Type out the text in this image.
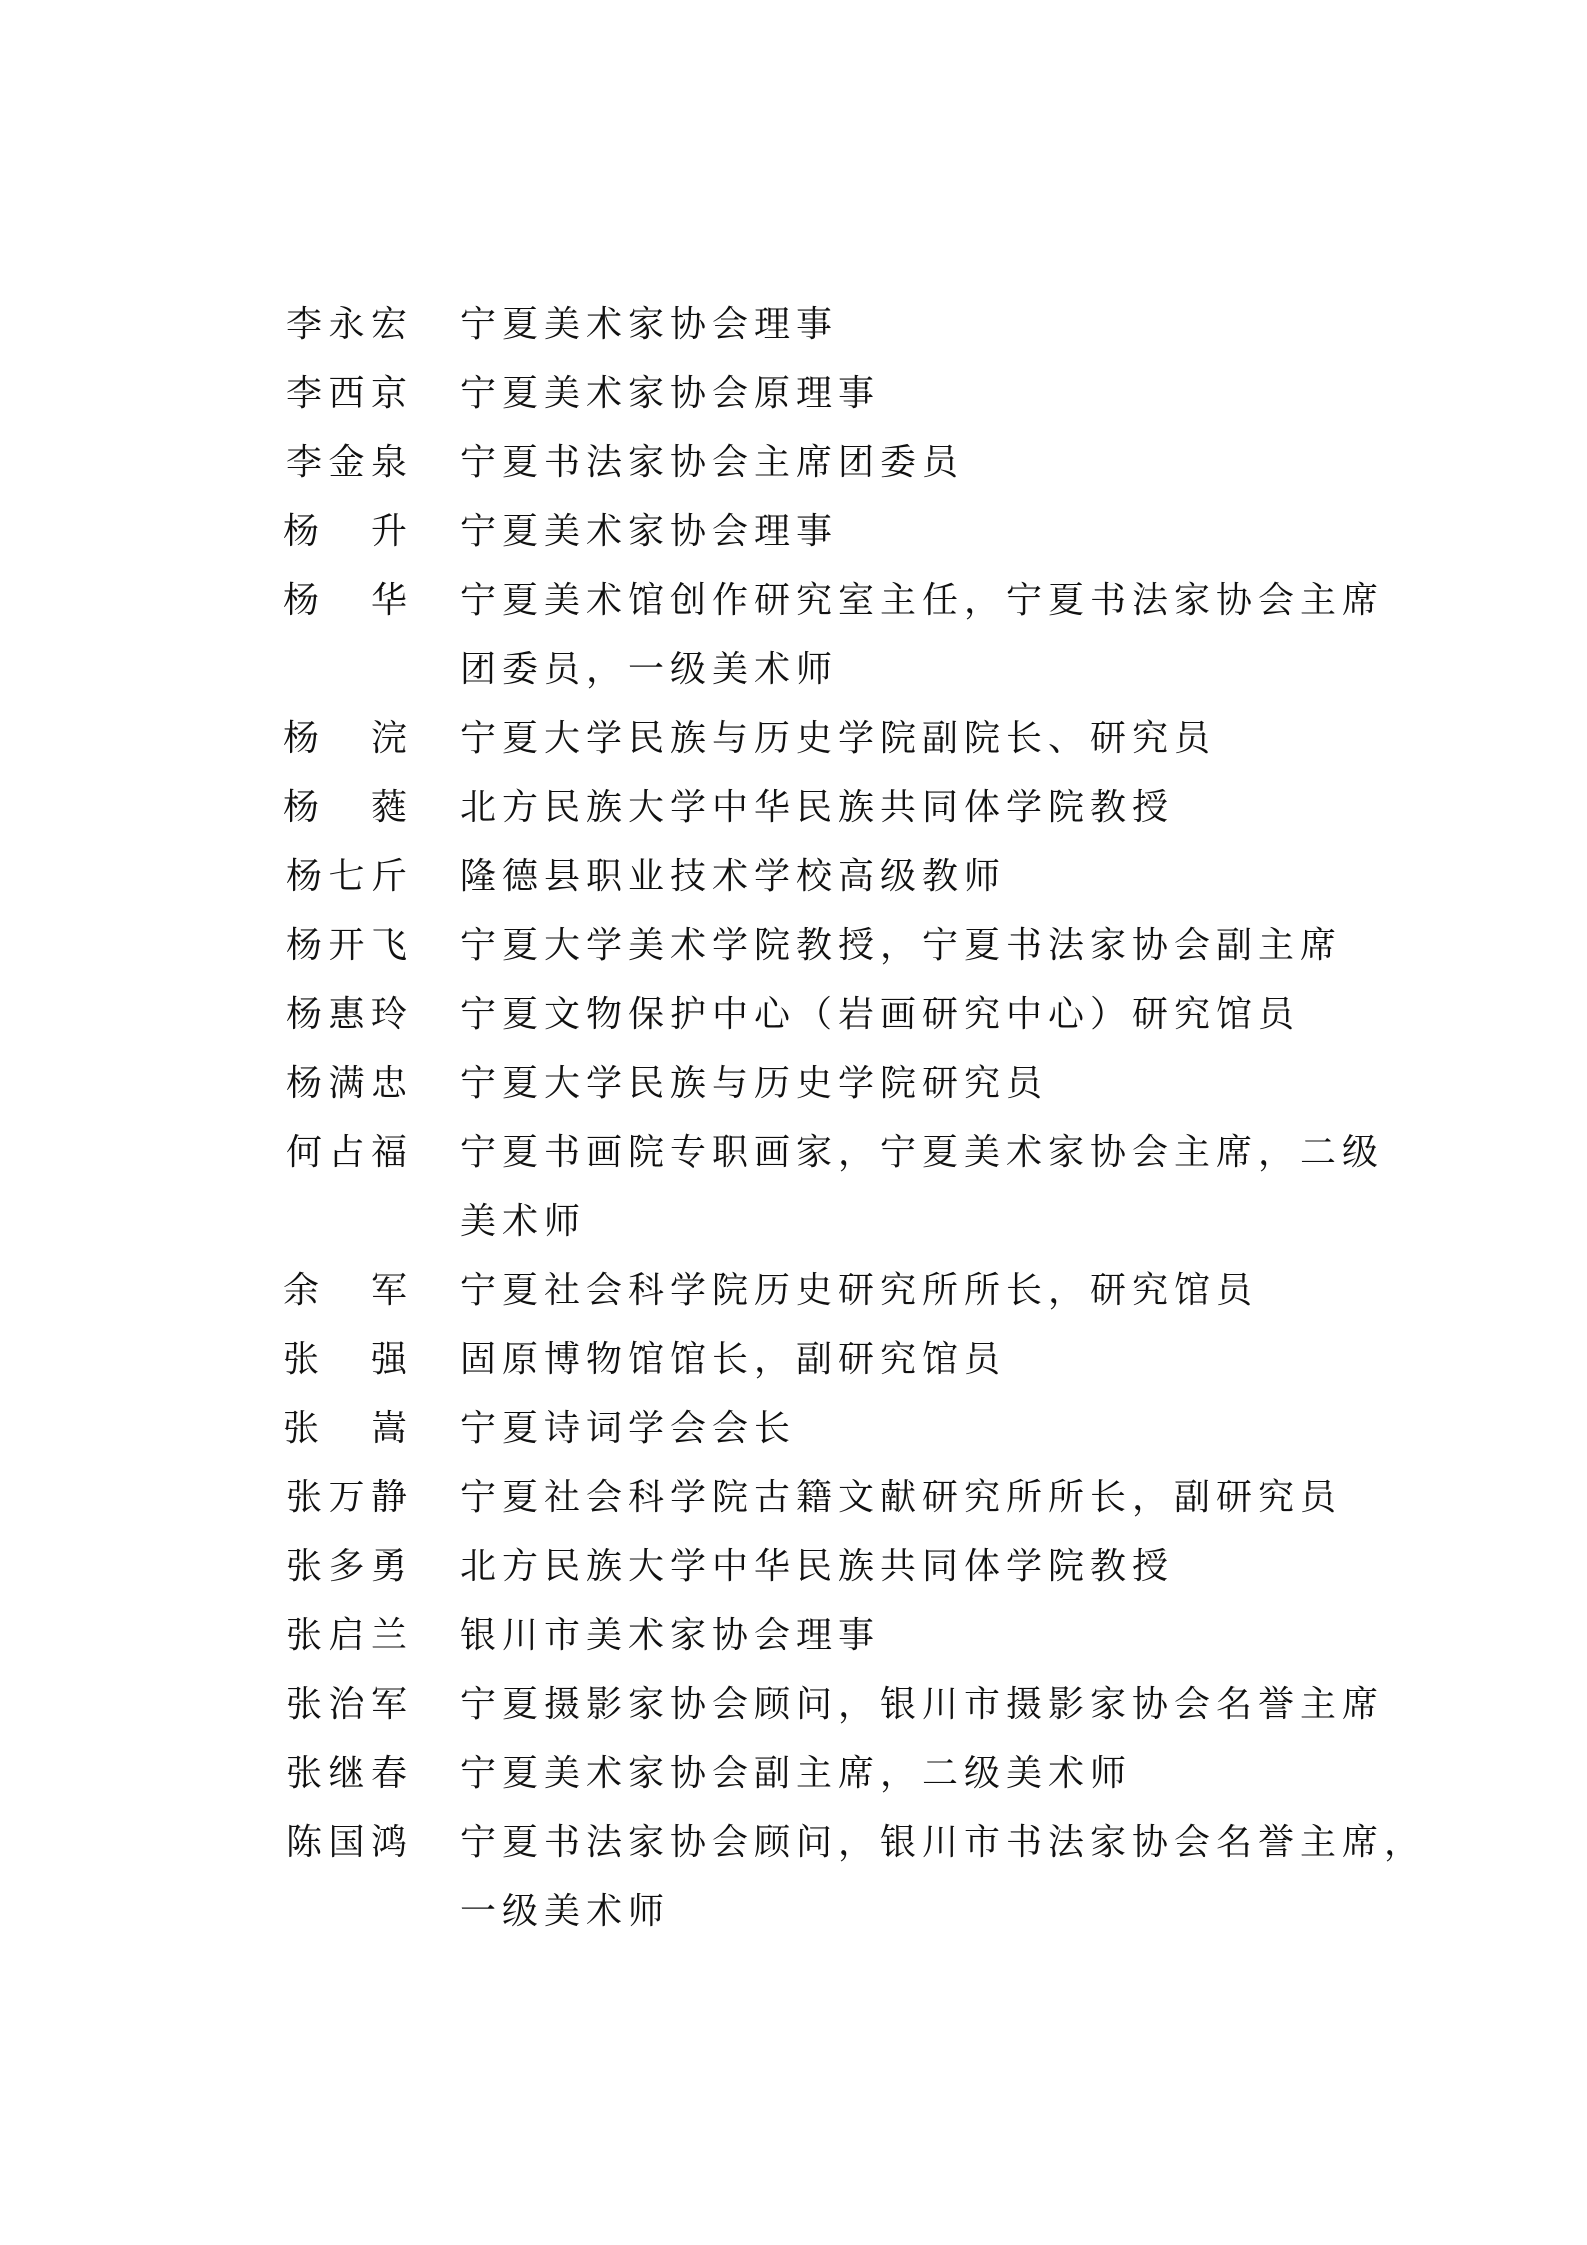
李 永 宏 宁夏美术家协会理事
李 西 京 宁夏美术家协会原理事
李 金 泉 宁夏书法家协会主席团委员
杨 升 宁夏美术家协会理事
杨 华 宁夏美术馆创作研究室主任，宁夏书法家协会主席
团委员，一级美术师
杨 浣 宁夏大学民族与历史学院副院长、研究员
杨 蕤 北方民族大学中华民族共同体学院教授
杨 七 斤 隆德县职业技术学校高级教师
杨 开 飞 宁夏大学美术学院教授，宁夏书法家协会副主席
杨 惠 玲 宁夏文物保护中心（岩画研究中心）研究馆员
杨 满 忠 宁夏大学民族与历史学院研究员
何 占 福 宁夏书画院专职画家，宁夏美术家协会主席，二级
美术师
余 军 宁夏社会科学院历史研究所所长，研究馆员
张 强 固原博物馆馆长，副研究馆员
张 嵩 宁夏诗词学会会长
张 万 静 宁夏社会科学院古籍文献研究所所长，副研究员
张 多 勇 北方民族大学中华民族共同体学院教授
张 启 兰 银川市美术家协会理事
张 治 军 宁夏摄影家协会顾问，银川市摄影家协会名誉主席
张 继 春 宁夏美术家协会副主席，二级美术师
陈 国 鸿 宁夏书法家协会顾问，银川市书法家协会名誉主席，
一级美术师
